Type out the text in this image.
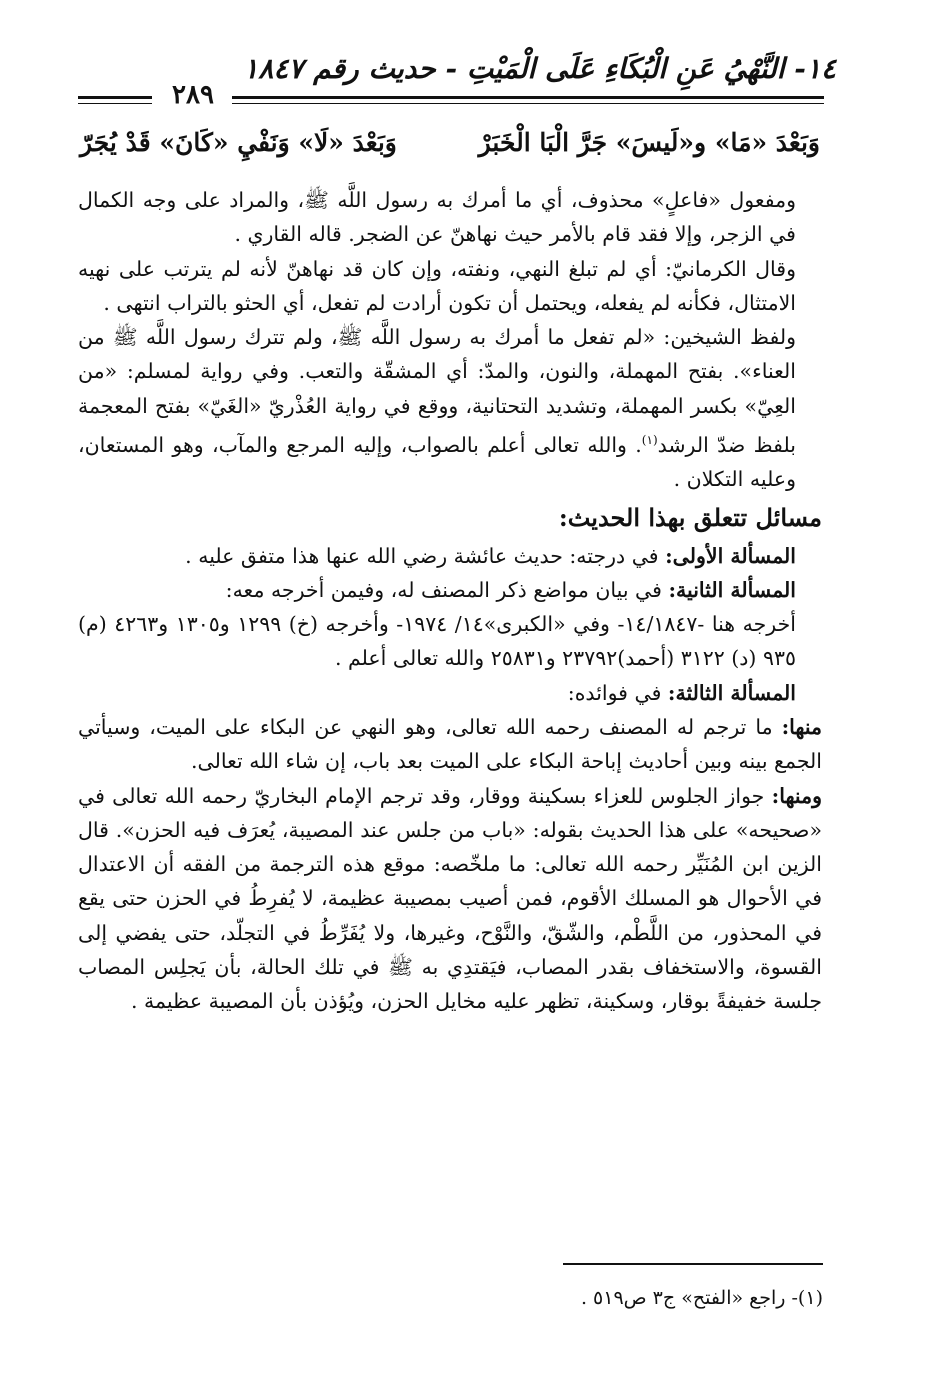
١٤- النَّهْيُ عَنِ الْبُكَاءِ عَلَى الْمَيْتِ - حديث رقم ١٨٤٧
٢٨٩
وَبَعْدَ «مَا» و«لَيسَ» جَرَّ الْبَا الْخَبَرْ
وَبَعْدَ «لَا» وَنَفْيِ «كَانَ» قَدْ يُجَرّ

ومفعول «فاعلٍ» محذوف، أي ما أمرك به رسول اللَّه ﷺ، والمراد على وجه الكمال في الزجر، وإلا فقد قام بالأمر حيث نهاهنّ عن الضجر. قاله القاري .

وقال الكرمانيّ: أي لم تبلغ النهي، ونفته، وإن كان قد نهاهنّ لأنه لم يترتب على نهيه الامتثال، فكأنه لم يفعله، ويحتمل أن تكون أرادت لم تفعل، أي الحثو بالتراب انتهى .

ولفظ الشيخين: «لم تفعل ما أمرك به رسول اللَّه ﷺ، ولم تترك رسول اللَّه ﷺ من العناء». بفتح المهملة، والنون، والمدّ: أي المشقّة والتعب. وفي رواية لمسلم: «من العِيّ» بكسر المهملة، وتشديد التحتانية، ووقع في رواية العُذْريّ «الغَيّ» بفتح المعجمة بلفظ ضدّ الرشد$^{(١)}$. والله تعالى أعلم بالصواب، وإليه المرجع والمآب، وهو المستعان، وعليه التكلان .

مسائل تتعلق بهذا الحديث:

المسألة الأولى: في درجته: حديث عائشة رضي الله عنها هذا متفق عليه .

المسألة الثانية: في بيان مواضع ذكر المصنف له، وفيمن أخرجه معه:

أخرجه هنا -١٤/١٨٤٧- وفي «الكبرى»١٤/ ١٩٧٤- وأخرجه (خ) ١٢٩٩ و١٣٠٥ و٤٢٦٣ (م) ٩٣٥ (د) ٣١٢٢ (أحمد)٢٣٧٩٢ و٢٥٨٣١ والله تعالى أعلم .

المسألة الثالثة: في فوائده:

منها: ما ترجم له المصنف رحمه الله تعالى، وهو النهي عن البكاء على الميت، وسيأتي الجمع بينه وبين أحاديث إباحة البكاء على الميت بعد باب، إن شاء الله تعالى.

ومنها: جواز الجلوس للعزاء بسكينة ووقار، وقد ترجم الإمام البخاريّ رحمه الله تعالى في «صحيحه» على هذا الحديث بقوله: «باب من جلس عند المصيبة، يُعرَف فيه الحزن». قال الزين ابن المُنَيِّر رحمه الله تعالى: ما ملخّصه: موقع هذه الترجمة من الفقه أن الاعتدال في الأحوال هو المسلك الأقوم، فمن أصيب بمصيبة عظيمة، لا يُفرِطُ في الحزن حتى يقع في المحذور، من اللَّطْم، والشّقّ، والنَّوْح، وغيرها، ولا يُفَرِّطُ في التجلّد، حتى يفضي إلى القسوة، والاستخفاف بقدر المصاب، فيَقتدِي به ﷺ في تلك الحالة، بأن يَجلِس المصاب جلسة خفيفةً بوقار، وسكينة، تظهر عليه مخايل الحزن، ويُؤذن بأن المصيبة عظيمة .

(١)- راجع «الفتح» ج٣ ص٥١٩ .
